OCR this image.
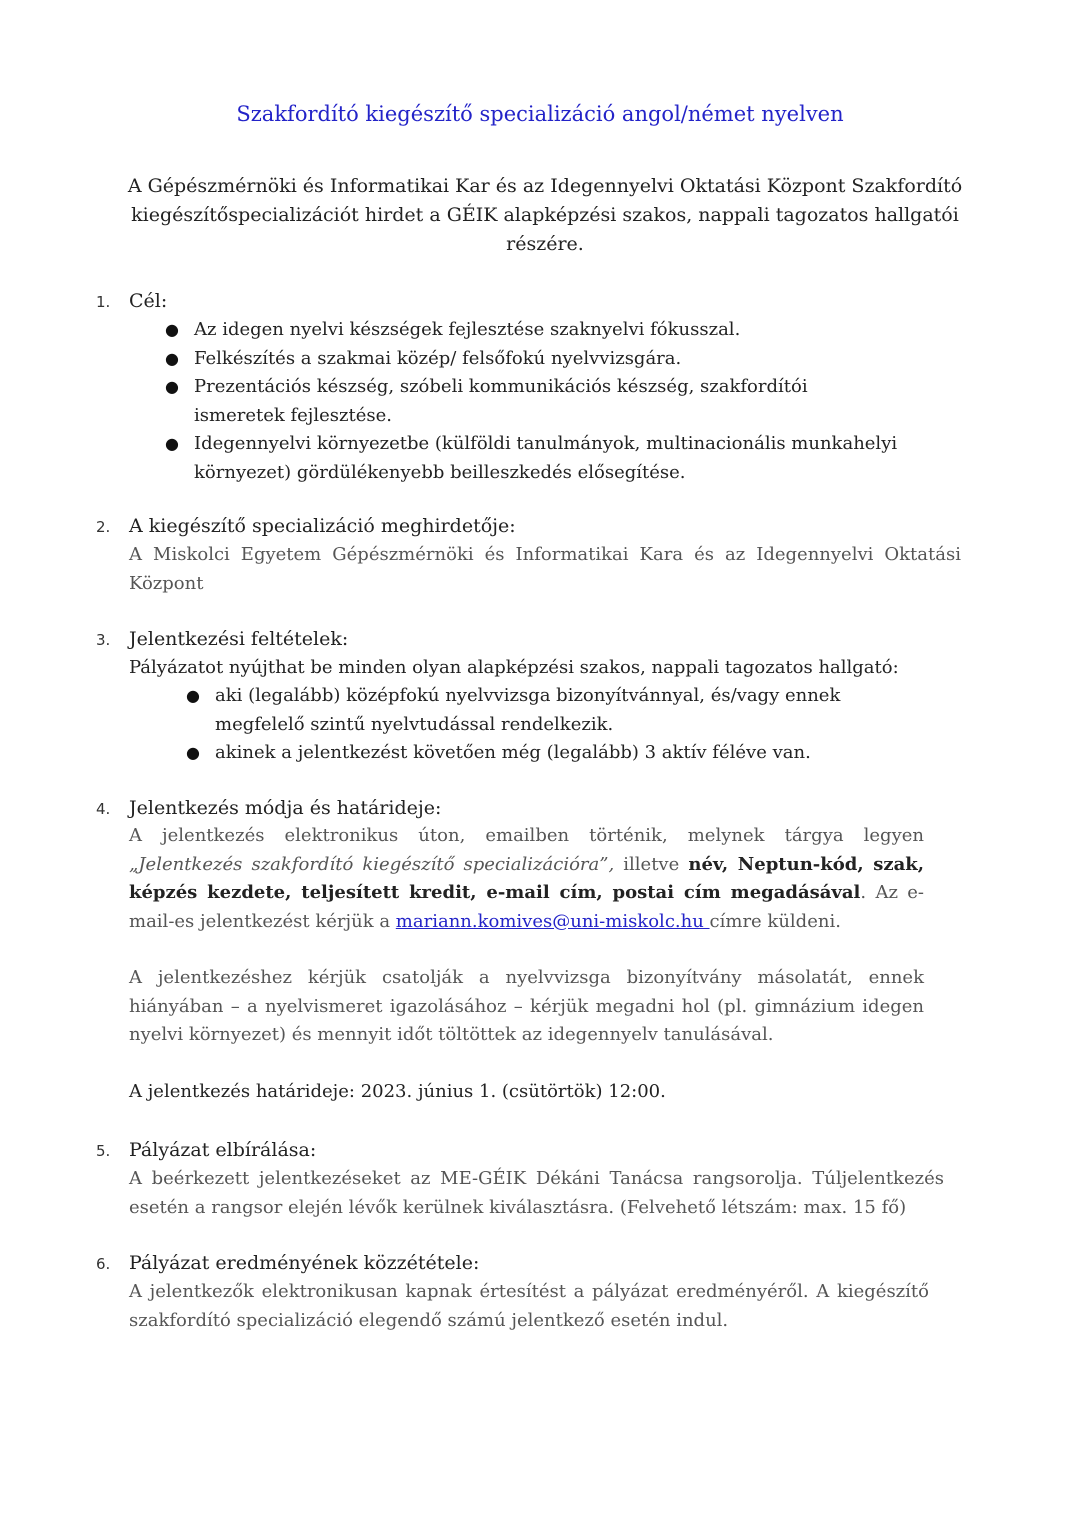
Szakfordító kiegészítő specializáció angol/német nyelven
A Gépészmérnöki és Informatikai Kar és az Idegennyelvi Oktatási Központ Szakfordító kiegészítőspecializációt hirdet a GÉIK alapképzési szakos, nappali tagozatos hallgatói részére.
1. Cél:
● Az idegen nyelvi készségek fejlesztése szaknyelvi fókusszal.
● Felkészítés a szakmai közép/ felsőfokú nyelvvizsgára.
● Prezentációs készség, szóbeli kommunikációs készség, szakfordítói ismeretek fejlesztése.
● Idegennyelvi környezetbe (külföldi tanulmányok, multinacionális munkahelyi környezet) gördülékenyebb beilleszkedés elősegítése.
2. A kiegészítő specializáció meghirdetője:
A Miskolci Egyetem Gépészmérnöki és Informatikai Kara és az Idegennyelvi Oktatási Központ
3. Jelentkezési feltételek:
Pályázatot nyújthat be minden olyan alapképzési szakos, nappali tagozatos hallgató:
● aki (legalább) középfokú nyelvvizsga bizonyítvánnyal, és/vagy ennek megfelelő szintű nyelvtudással rendelkezik.
● akinek a jelentkezést követően még (legalább) 3 aktív féléve van.
4. Jelentkezés módja és határideje:
A jelentkezés elektronikus úton, emailben történik, melynek tárgya legyen „Jelentkezés szakfordító kiegészítő specializációra”, illetve név, Neptun-kód, szak, képzés kezdete, teljesített kredit, e-mail cím, postai cím megadásával. Az e-mail-es jelentkezést kérjük a mariann.komives@uni-miskolc.hu címre küldeni.
A jelentkezéshez kérjük csatolják a nyelvvizsga bizonyítvány másolatát, ennek hiányában – a nyelvismeret igazolásához – kérjük megadni hol (pl. gimnázium idegen nyelvi környezet) és mennyit időt töltöttek az idegennyelv tanulásával.
A jelentkezés határideje: 2023. június 1. (csütörtök) 12:00.
5. Pályázat elbírálása:
A beérkezett jelentkezéseket az ME-GÉIK Dékáni Tanácsa rangsorolja. Túljelentkezés esetén a rangsor elején lévők kerülnek kiválasztásra. (Felvehető létszám: max. 15 fő)
6. Pályázat eredményének közzététele:
A jelentkezők elektronikusan kapnak értesítést a pályázat eredményéről. A kiegészítő szakfordító specializáció elegendő számú jelentkező esetén indul.
